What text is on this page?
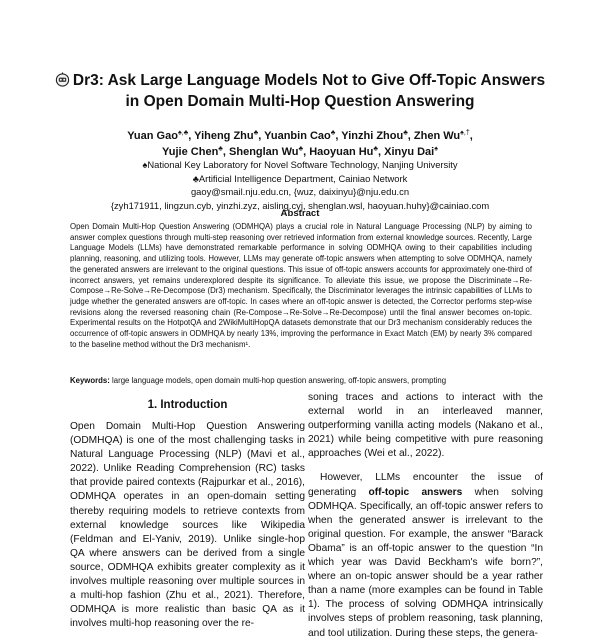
Dr3: Ask Large Language Models Not to Give Off-Topic Answers
in Open Domain Multi-Hop Question Answering
Yuan Gao♠,♣, Yiheng Zhu♣, Yuanbin Cao♣, Yinzhi Zhou♣, Zhen Wu♠,†,
Yujie Chen♣, Shenglan Wu♣, Haoyuan Hu♣, Xinyu Dai♠
♠National Key Laboratory for Novel Software Technology, Nanjing University
♣Artificial Intelligence Department, Cainiao Network
gaoy@smail.nju.edu.cn, {wuz, daixinyu}@nju.edu.cn
{zyh171911, lingzun.cyb, yinzhi.zyz, aisling.cyj, shenglan.wsl, haoyuan.huhy}@cainiao.com
Abstract
Open Domain Multi-Hop Question Answering (ODMHQA) plays a crucial role in Natural Language Processing (NLP) by aiming to answer complex questions through multi-step reasoning over retrieved information from external knowledge sources. Recently, Large Language Models (LLMs) have demonstrated remarkable performance in solving ODMHQA owing to their capabilities including planning, reasoning, and utilizing tools. However, LLMs may generate off-topic answers when attempting to solve ODMHQA, namely the generated answers are irrelevant to the original questions. This issue of off-topic answers accounts for approximately one-third of incorrect answers, yet remains underexplored despite its significance. To alleviate this issue, we propose the Discriminate→Re-Compose→Re-Solve→Re-Decompose (Dr3) mechanism. Specifically, the Discriminator leverages the intrinsic capabilities of LLMs to judge whether the generated answers are off-topic. In cases where an off-topic answer is detected, the Corrector performs step-wise revisions along the reversed reasoning chain (Re-Compose→Re-Solve→Re-Decompose) until the final answer becomes on-topic. Experimental results on the HotpotQA and 2WikiMultiHopQA datasets demonstrate that our Dr3 mechanism considerably reduces the occurrence of off-topic answers in ODMHQA by nearly 13%, improving the performance in Exact Match (EM) by nearly 3% compared to the baseline method without the Dr3 mechanism¹.
Keywords: large language models, open domain multi-hop question answering, off-topic answers, prompting
1. Introduction

Open Domain Multi-Hop Question Answering (ODMHQA) is one of the most challenging tasks in Natural Language Processing (NLP) (Mavi et al., 2022). Unlike Reading Comprehension (RC) tasks that provide paired contexts (Rajpurkar et al., 2016), ODMHQA operates in an open-domain setting thereby requiring models to retrieve contexts from external knowledge sources like Wikipedia (Feldman and El-Yaniv, 2019). Unlike single-hop QA where answers can be derived from a single source, ODMHQA exhibits greater complexity as it involves multiple reasoning over multiple sources in a multi-hop fashion (Zhu et al., 2021). Therefore, ODMHQA is more realistic than basic QA as it involves multi-hop reasoning over the re-

soning traces and actions to interact with the external world in an interleaved manner, outperforming vanilla acting models (Nakano et al., 2021) while being competitive with pure reasoning approaches (Wei et al., 2022).

However, LLMs encounter the issue of generating off-topic answers when solving ODMHQA. Specifically, an off-topic answer refers to when the generated answer is irrelevant to the original question. For example, the answer “Barack Obama” is an off-topic answer to the question “In which year was David Beckham's wife born?”, where an on-topic answer should be a year rather than a name (more examples can be found in Table 1). The process of solving ODMHQA intrinsically involves steps of problem reasoning, task planning, and tool utilization. During these steps, the genera-
